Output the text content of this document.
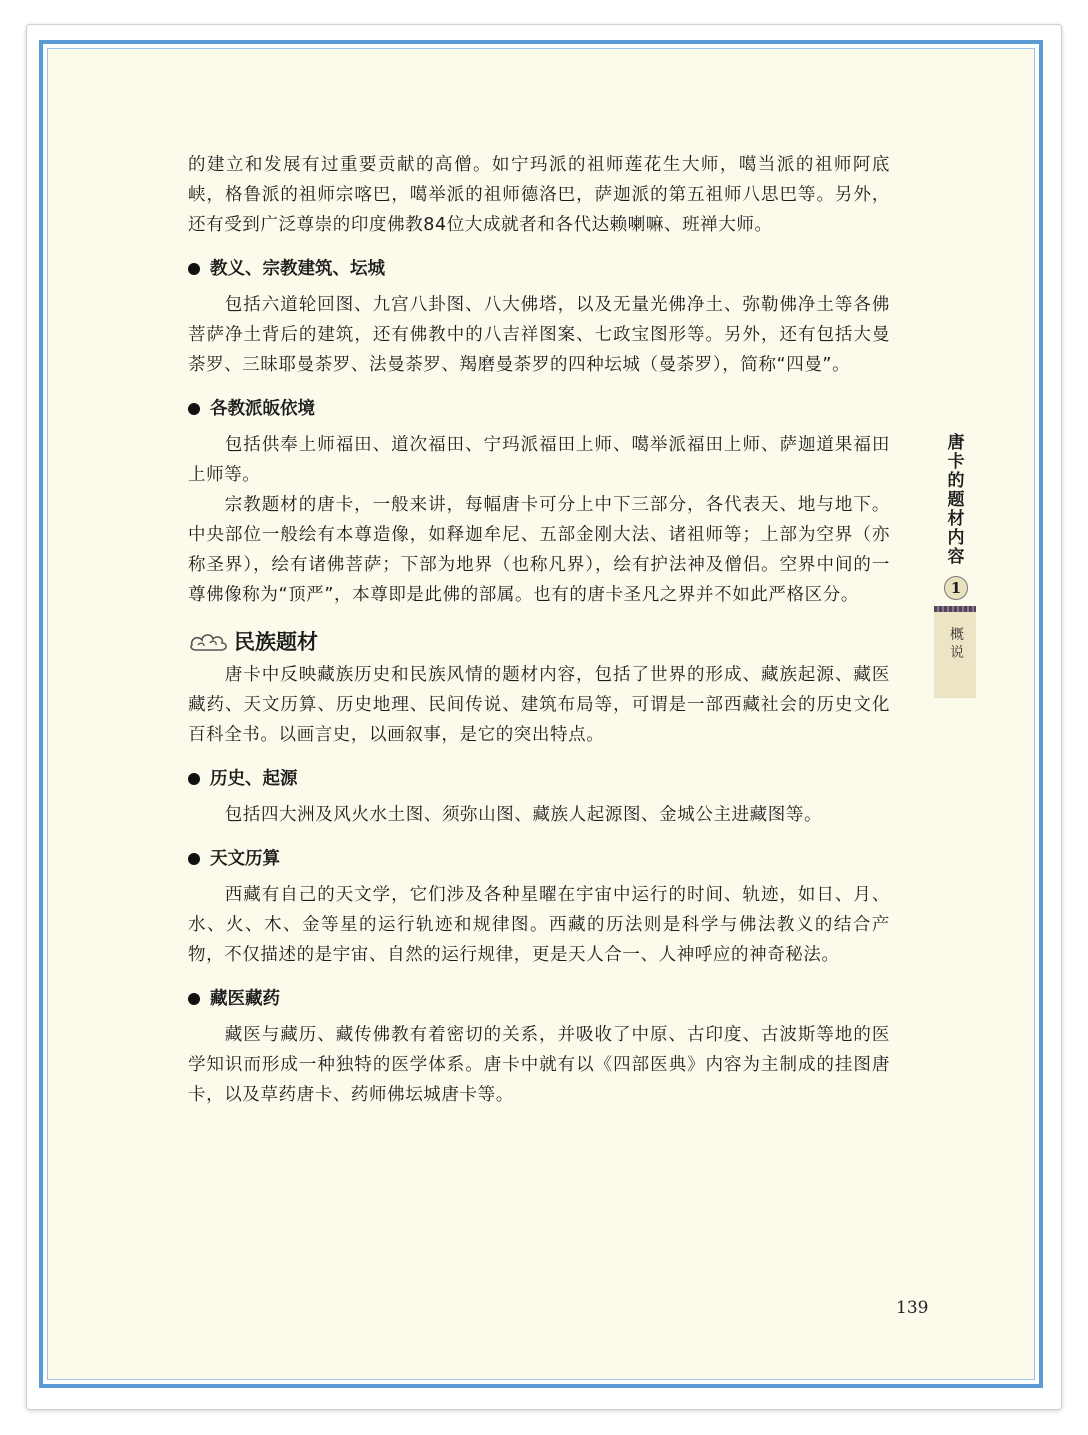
的建立和发展有过重要贡献的高僧。如宁玛派的祖师莲花生大师，噶当派的祖师阿底峡，格鲁派的祖师宗喀巴，噶举派的祖师德洛巴，萨迦派的第五祖师八思巴等。另外，还有受到广泛尊崇的印度佛教84位大成就者和各代达赖喇嘛、班禅大师。

教义、宗教建筑、坛城

包括六道轮回图、九宫八卦图、八大佛塔，以及无量光佛净土、弥勒佛净土等各佛菩萨净土背后的建筑，还有佛教中的八吉祥图案、七政宝图形等。另外，还有包括大曼荼罗、三昧耶曼荼罗、法曼荼罗、羯磨曼荼罗的四种坛城（曼荼罗），简称“四曼”。

各教派皈依境

包括供奉上师福田、道次福田、宁玛派福田上师、噶举派福田上师、萨迦道果福田上师等。

宗教题材的唐卡，一般来讲，每幅唐卡可分上中下三部分，各代表天、地与地下。中央部位一般绘有本尊造像，如释迦牟尼、五部金刚大法、诸祖师等；上部为空界（亦称圣界），绘有诸佛菩萨；下部为地界（也称凡界），绘有护法神及僧侣。空界中间的一尊佛像称为“顶严”，本尊即是此佛的部属。也有的唐卡圣凡之界并不如此严格区分。

民族题材

唐卡中反映藏族历史和民族风情的题材内容，包括了世界的形成、藏族起源、藏医藏药、天文历算、历史地理、民间传说、建筑布局等，可谓是一部西藏社会的历史文化百科全书。以画言史，以画叙事，是它的突出特点。

历史、起源

包括四大洲及风火水土图、须弥山图、藏族人起源图、金城公主进藏图等。

天文历算

西藏有自己的天文学，它们涉及各种星曜在宇宙中运行的时间、轨迹，如日、月、水、火、木、金等星的运行轨迹和规律图。西藏的历法则是科学与佛法教义的结合产物，不仅描述的是宇宙、自然的运行规律，更是天人合一、人神呼应的神奇秘法。

藏医藏药

藏医与藏历、藏传佛教有着密切的关系，并吸收了中原、古印度、古波斯等地的医学知识而形成一种独特的医学体系。唐卡中就有以《四部医典》内容为主制成的挂图唐卡，以及草药唐卡、药师佛坛城唐卡等。

唐
卡
的
题
材
内
容
1
概
说
139
